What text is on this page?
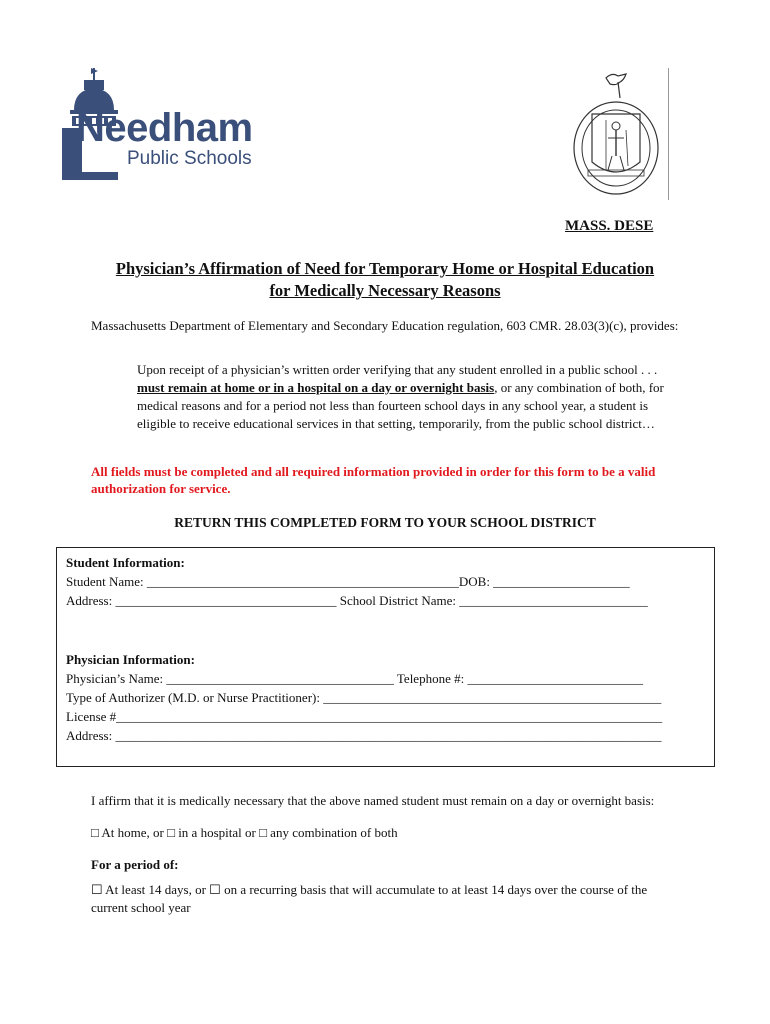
Needham
Public Schools
MASS. DESE
Physician’s Affirmation of Need for Temporary Home or Hospital Education
for Medically Necessary Reasons
Massachusetts Department of Elementary and Secondary Education regulation, 603 CMR. 28.03(3)(c), provides:
Upon receipt of a physician’s written order verifying that any student enrolled in a public school . . . must remain at home or in a hospital on a day or overnight basis, or any combination of both, for medical reasons and for a period not less than fourteen school days in any school year, a student is eligible to receive educational services in that setting, temporarily, from the public school district…
All fields must be completed and all required information provided in order for this form to be a valid authorization for service.
RETURN THIS COMPLETED FORM TO YOUR SCHOOL DISTRICT
Student Information:
Student Name: ________________________________________________DOB: _____________________
Address: __________________________________ School District Name: _____________________________
Physician Information:
Physician’s Name: ___________________________________ Telephone #: ___________________________
Type of Authorizer (M.D. or Nurse Practitioner): ____________________________________________________
License #____________________________________________________________________________________
Address: ____________________________________________________________________________________
I affirm that it is medically necessary that the above named student must remain on a day or overnight basis:
□ At home, or □ in a hospital or □ any combination of both
For a period of:
☐ At least 14 days, or ☐ on a recurring basis that will accumulate to at least 14 days over the course of the current school year
